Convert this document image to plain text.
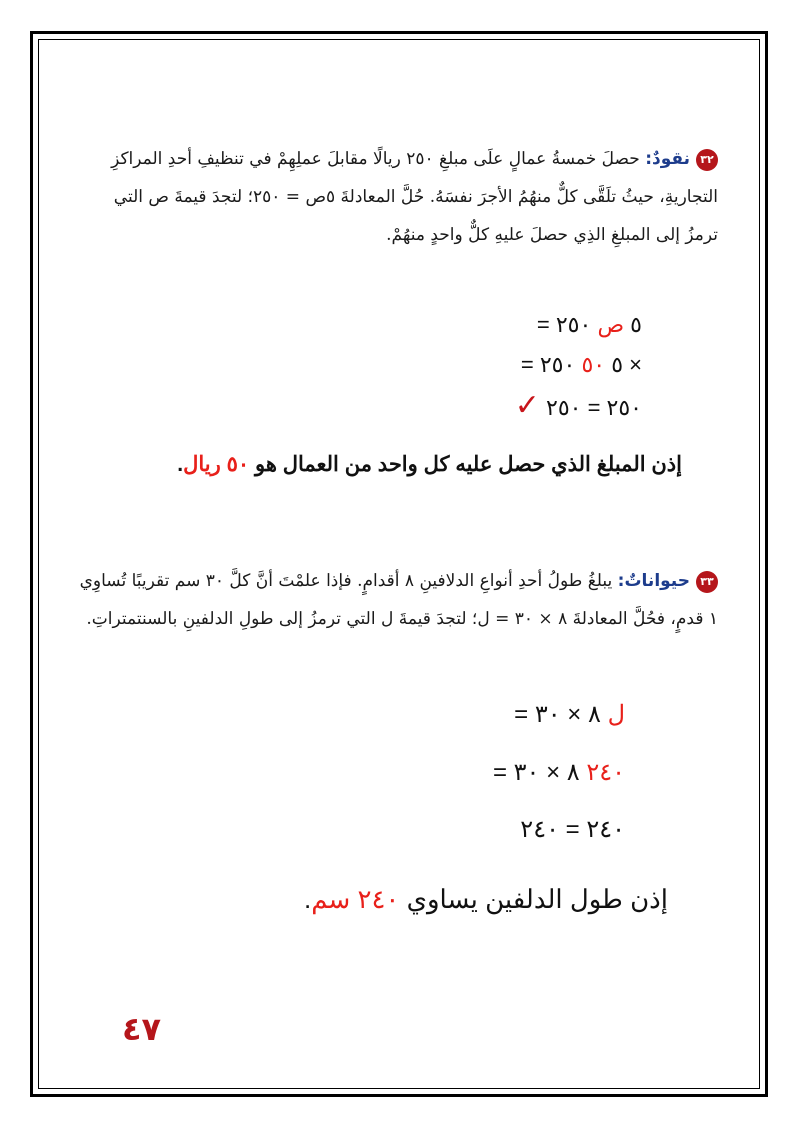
٣٢نقودٌ: حصلَ خمسةُ عمالٍ علَى مبلغِ ٢٥٠ ريالًا مقابلَ عملِهِمْ في تنظيفِ أحدِ المراكزِ التجاريةِ، حيثُ تلَقَّى كلٌّ منهُمُ الأجرَ نفسَهُ. حُلَّ المعادلةَ ٥ص = ٢٥٠؛ لتجدَ قيمةَ ص التي ترمزُ إلى المبلغِ الذِي حصلَ عليهِ كلٌّ واحدٍ منهُمْ.
٥ ص ٢٥٠ =
× ٥ ٥٠ ٢٥٠ =
٢٥٠ = ٢٥٠ ✓
إذن المبلغ الذي حصل عليه كل واحد من العمال هو ٥٠ ريال.
٣٣حيواناتٌ: يبلغُ طولُ أحدِ أنواعِ الدلافينِ ٨ أقدامٍ. فإذا علمْتَ أنَّ كلَّ ٣٠ سم تقريبًا تُساوِي ١ قدمٍ، فحُلَّ المعادلةَ ٨ × ٣٠ = ل؛ لتجدَ قيمةَ ل التي ترمزُ إلى طولِ الدلفينِ بالسنتمتراتِ.
ل ٨ × ٣٠ =
٢٤٠ ٨ × ٣٠ =
٢٤٠ = ٢٤٠
إذن طول الدلفين يساوي ٢٤٠ سم.
٤٧
